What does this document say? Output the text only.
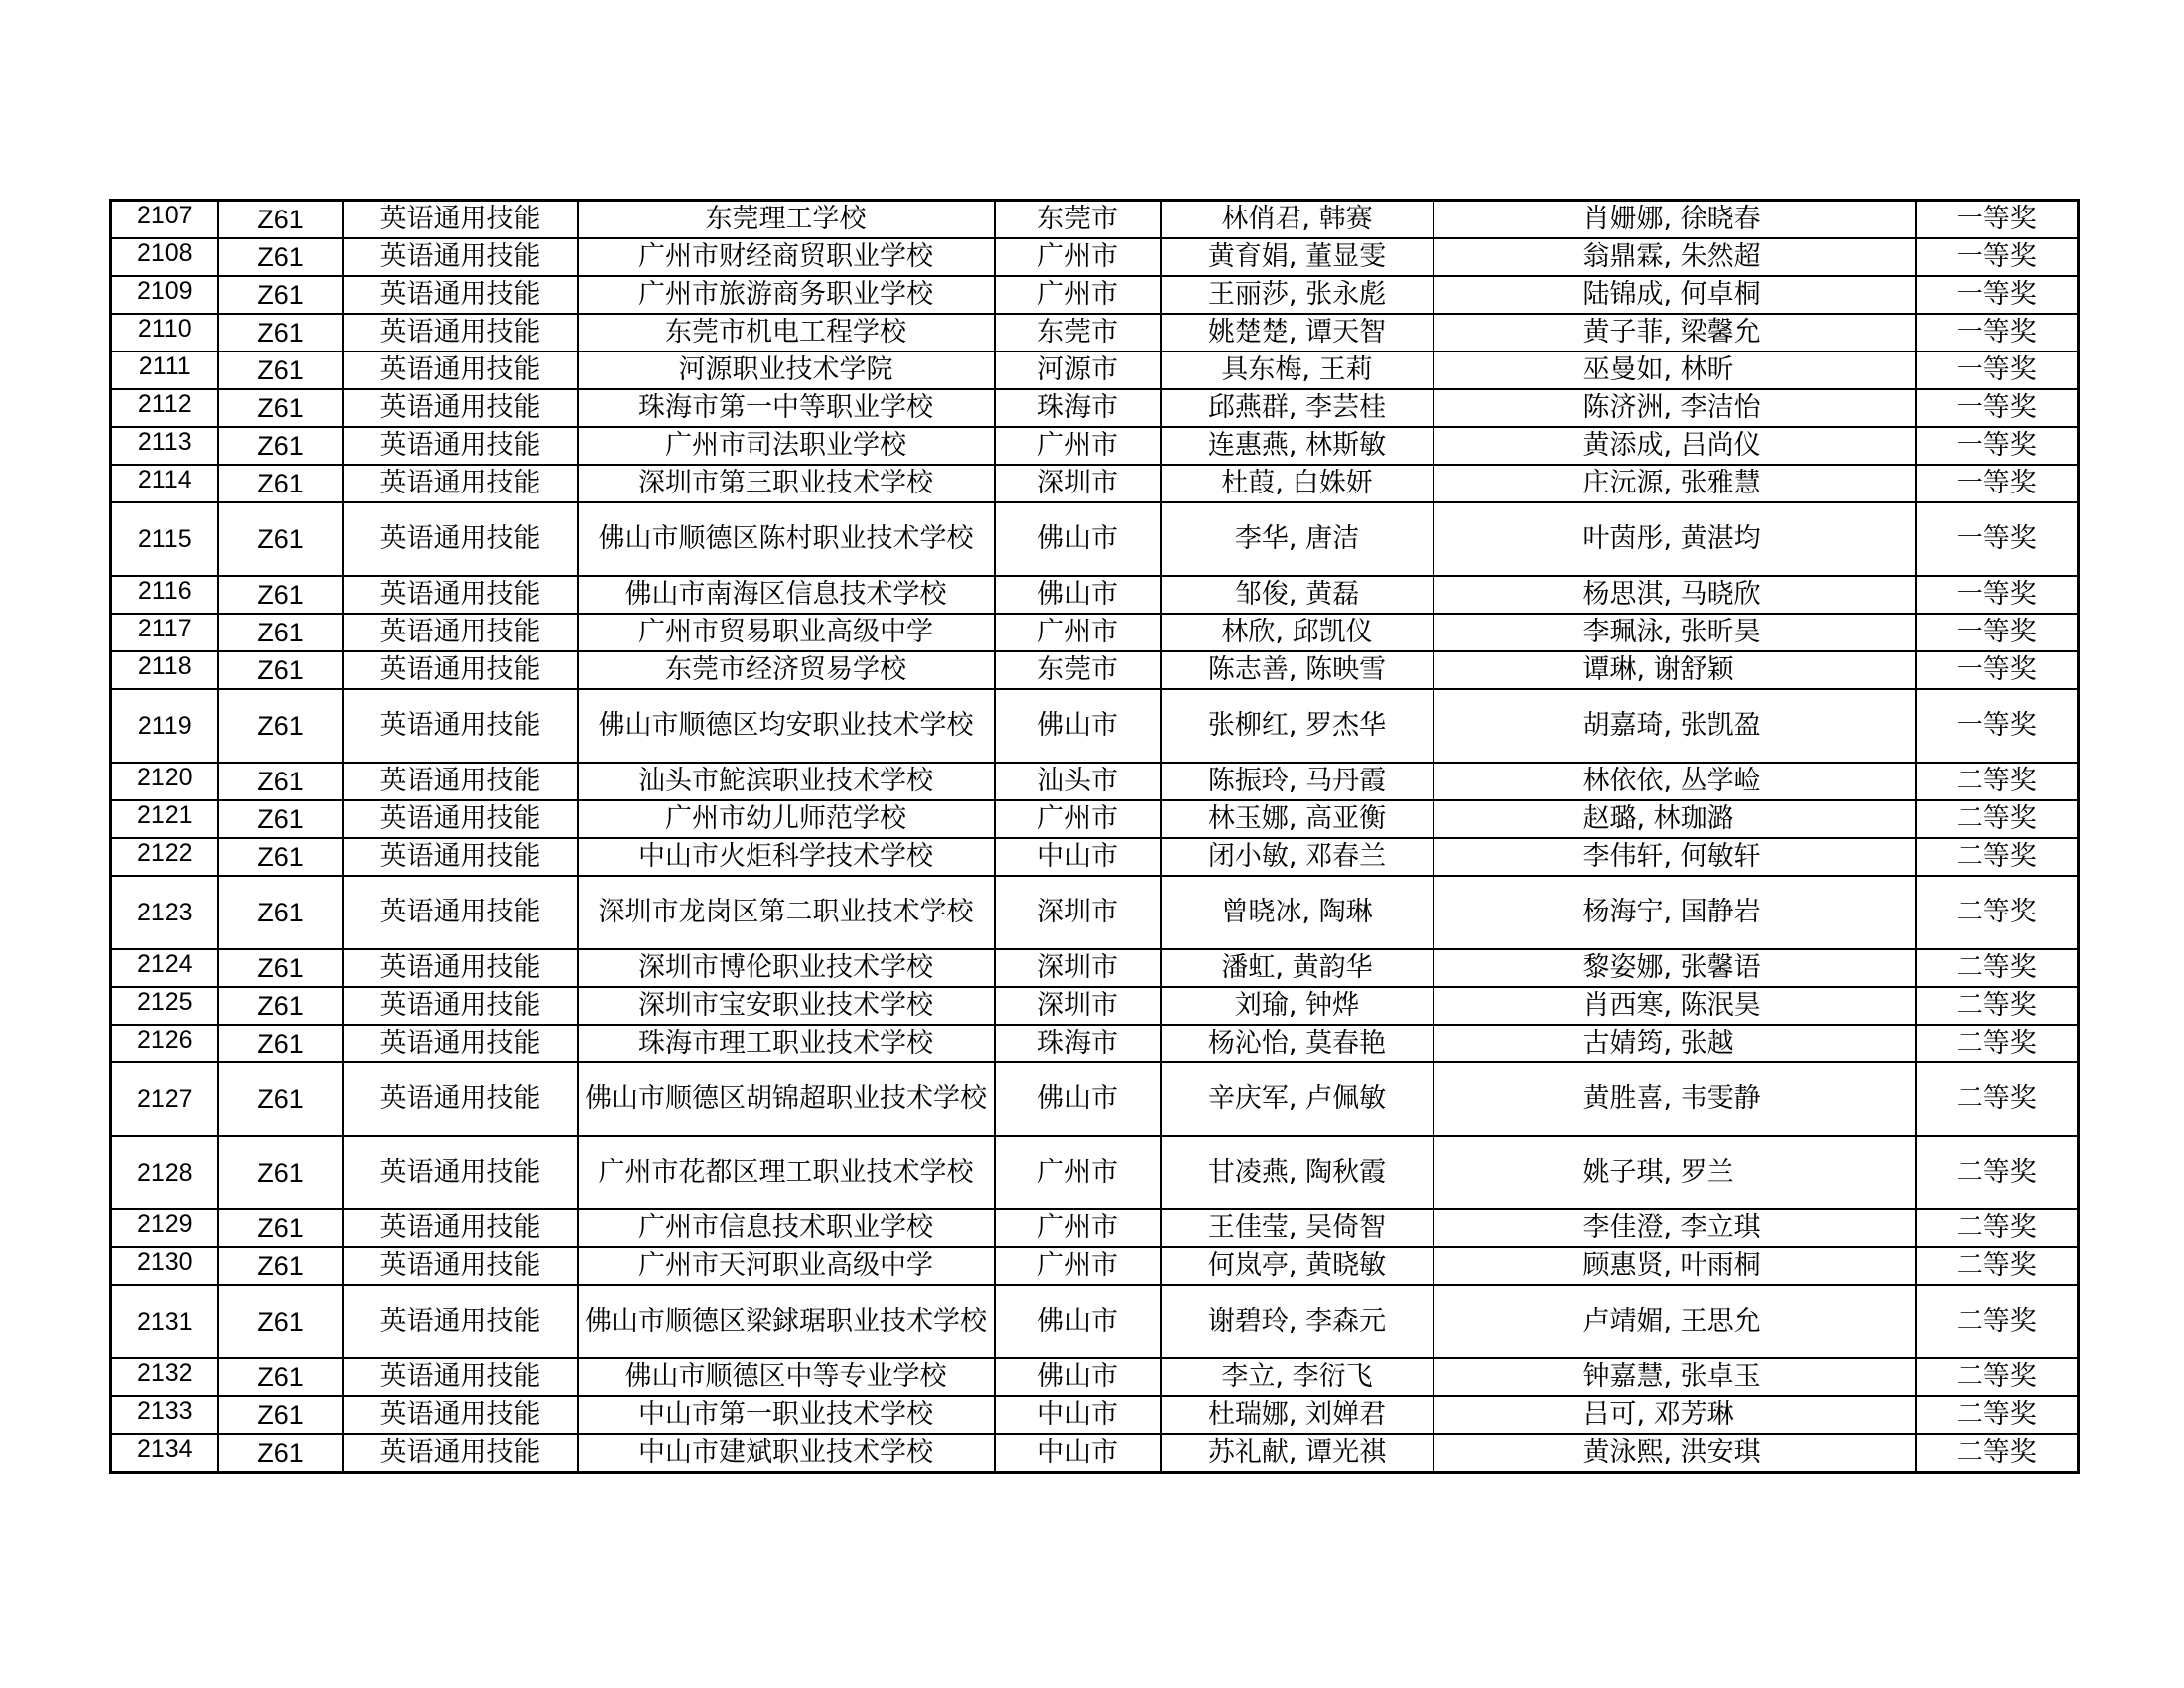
2107	Z61	英语通用技能	东莞理工学校	东莞市	林俏君, 韩赛	肖姗娜, 徐晓春	一等奖
2108	Z61	英语通用技能	广州市财经商贸职业学校	广州市	黄育娟, 董显雯	翁鼎霖, 朱然超	一等奖
2109	Z61	英语通用技能	广州市旅游商务职业学校	广州市	王丽莎, 张永彪	陆锦成, 何卓桐	一等奖
2110	Z61	英语通用技能	东莞市机电工程学校	东莞市	姚楚楚, 谭天智	黄子菲, 梁馨允	一等奖
2111	Z61	英语通用技能	河源职业技术学院	河源市	具东梅, 王莉	巫曼如, 林昕	一等奖
2112	Z61	英语通用技能	珠海市第一中等职业学校	珠海市	邱燕群, 李芸桂	陈济洲, 李洁怡	一等奖
2113	Z61	英语通用技能	广州市司法职业学校	广州市	连惠燕, 林斯敏	黄添成, 吕尚仪	一等奖
2114	Z61	英语通用技能	深圳市第三职业技术学校	深圳市	杜葭, 白姝妍	庄沅源, 张雅慧	一等奖
2115	Z61	英语通用技能	佛山市顺德区陈村职业技术学校	佛山市	李华, 唐洁	叶茵彤, 黄湛均	一等奖
2116	Z61	英语通用技能	佛山市南海区信息技术学校	佛山市	邹俊, 黄磊	杨思淇, 马晓欣	一等奖
2117	Z61	英语通用技能	广州市贸易职业高级中学	广州市	林欣, 邱凯仪	李珮泳, 张昕昊	一等奖
2118	Z61	英语通用技能	东莞市经济贸易学校	东莞市	陈志善, 陈映雪	谭琳, 谢舒颖	一等奖
2119	Z61	英语通用技能	佛山市顺德区均安职业技术学校	佛山市	张柳红, 罗杰华	胡嘉琦, 张凯盈	一等奖
2120	Z61	英语通用技能	汕头市鮀滨职业技术学校	汕头市	陈振玲, 马丹霞	林依依, 丛学崄	二等奖
2121	Z61	英语通用技能	广州市幼儿师范学校	广州市	林玉娜, 高亚衡	赵璐, 林珈潞	二等奖
2122	Z61	英语通用技能	中山市火炬科学技术学校	中山市	闭小敏, 邓春兰	李伟轩, 何敏轩	二等奖
2123	Z61	英语通用技能	深圳市龙岗区第二职业技术学校	深圳市	曾晓冰, 陶琳	杨海宁, 国静岩	二等奖
2124	Z61	英语通用技能	深圳市博伦职业技术学校	深圳市	潘虹, 黄韵华	黎姿娜, 张馨语	二等奖
2125	Z61	英语通用技能	深圳市宝安职业技术学校	深圳市	刘瑜, 钟烨	肖西寒, 陈泯昊	二等奖
2126	Z61	英语通用技能	珠海市理工职业技术学校	珠海市	杨沁怡, 莫春艳	古婧筠, 张越	二等奖
2127	Z61	英语通用技能	佛山市顺德区胡锦超职业技术学校	佛山市	辛庆军, 卢佩敏	黄胜喜, 韦雯静	二等奖
2128	Z61	英语通用技能	广州市花都区理工职业技术学校	广州市	甘凌燕, 陶秋霞	姚子琪, 罗兰	二等奖
2129	Z61	英语通用技能	广州市信息技术职业学校	广州市	王佳莹, 吴倚智	李佳澄, 李立琪	二等奖
2130	Z61	英语通用技能	广州市天河职业高级中学	广州市	何岚亭, 黄晓敏	顾惠贤, 叶雨桐	二等奖
2131	Z61	英语通用技能	佛山市顺德区梁銶琚职业技术学校	佛山市	谢碧玲, 李森元	卢靖媚, 王思允	二等奖
2132	Z61	英语通用技能	佛山市顺德区中等专业学校	佛山市	李立, 李衍飞	钟嘉慧, 张卓玉	二等奖
2133	Z61	英语通用技能	中山市第一职业技术学校	中山市	杜瑞娜, 刘婵君	吕可, 邓芳琳	二等奖
2134	Z61	英语通用技能	中山市建斌职业技术学校	中山市	苏礼献, 谭光祺	黄泳熙, 洪安琪	二等奖
